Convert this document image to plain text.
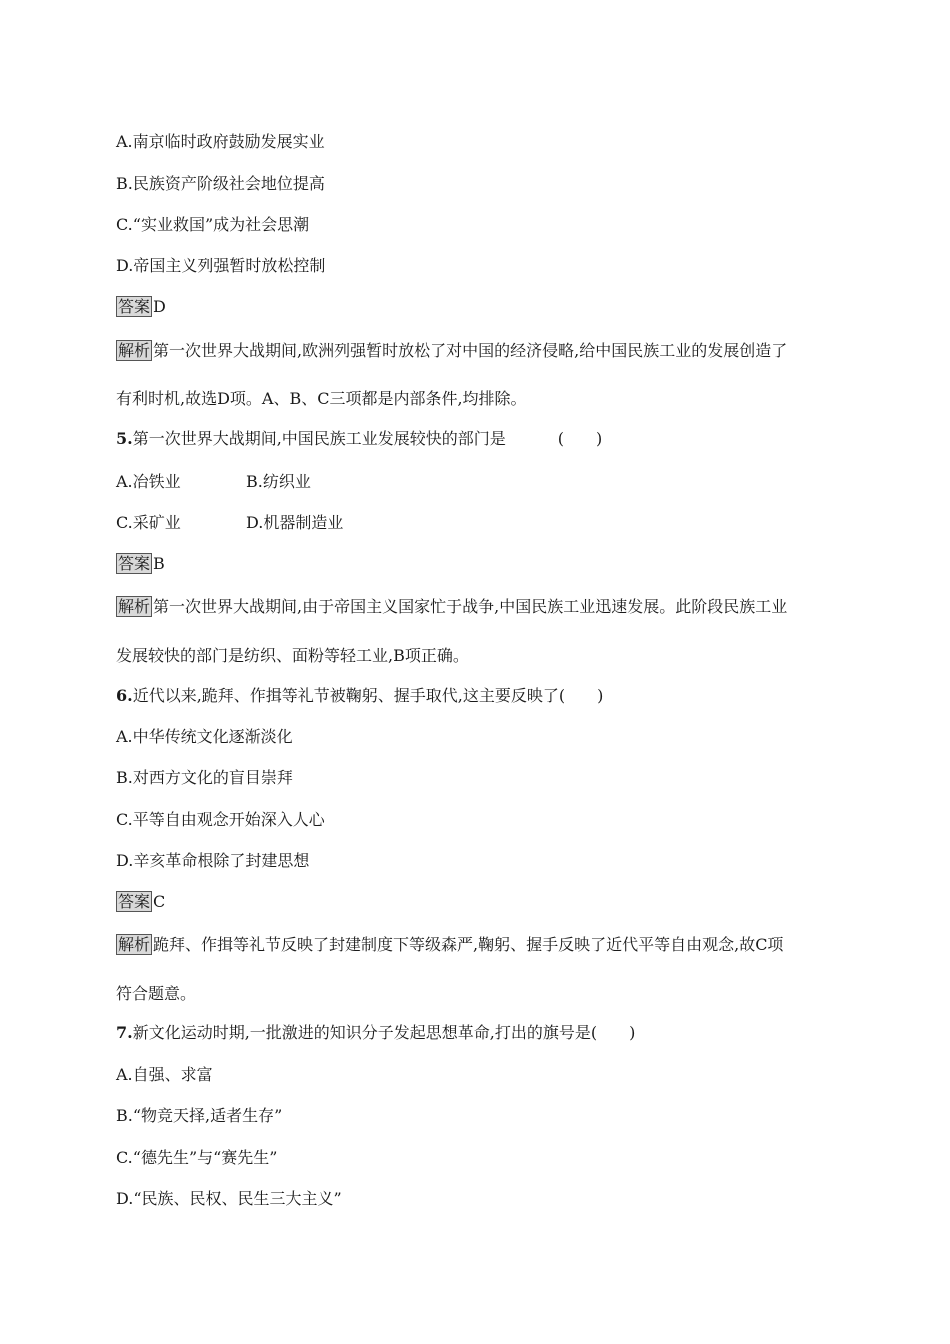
A.南京临时政府鼓励发展实业
B.民族资产阶级社会地位提高
C.“实业救国”成为社会思潮
D.帝国主义列强暂时放松控制
答案 D
解析 第一次世界大战期间,欧洲列强暂时放松了对中国的经济侵略,给中国民族工业的发展创造了
有利时机,故选D项。A、B、C三项都是内部条件,均排除。
5.第一次世界大战期间,中国民族工业发展较快的部门是	(　　)
A.冶铁业	B.纺织业
C.采矿业	D.机器制造业
答案 B
解析 第一次世界大战期间,由于帝国主义国家忙于战争,中国民族工业迅速发展。此阶段民族工业
发展较快的部门是纺织、面粉等轻工业,B项正确。
6.近代以来,跪拜、作揖等礼节被鞠躬、握手取代,这主要反映了(　　)
A.中华传统文化逐渐淡化
B.对西方文化的盲目崇拜
C.平等自由观念开始深入人心
D.辛亥革命根除了封建思想
答案 C
解析 跪拜、作揖等礼节反映了封建制度下等级森严,鞠躬、握手反映了近代平等自由观念,故C项
符合题意。
7.新文化运动时期,一批激进的知识分子发起思想革命,打出的旗号是(　　)
A.自强、求富
B.“物竞天择,适者生存”
C.“德先生”与“赛先生”
D.“民族、民权、民生三大主义”
